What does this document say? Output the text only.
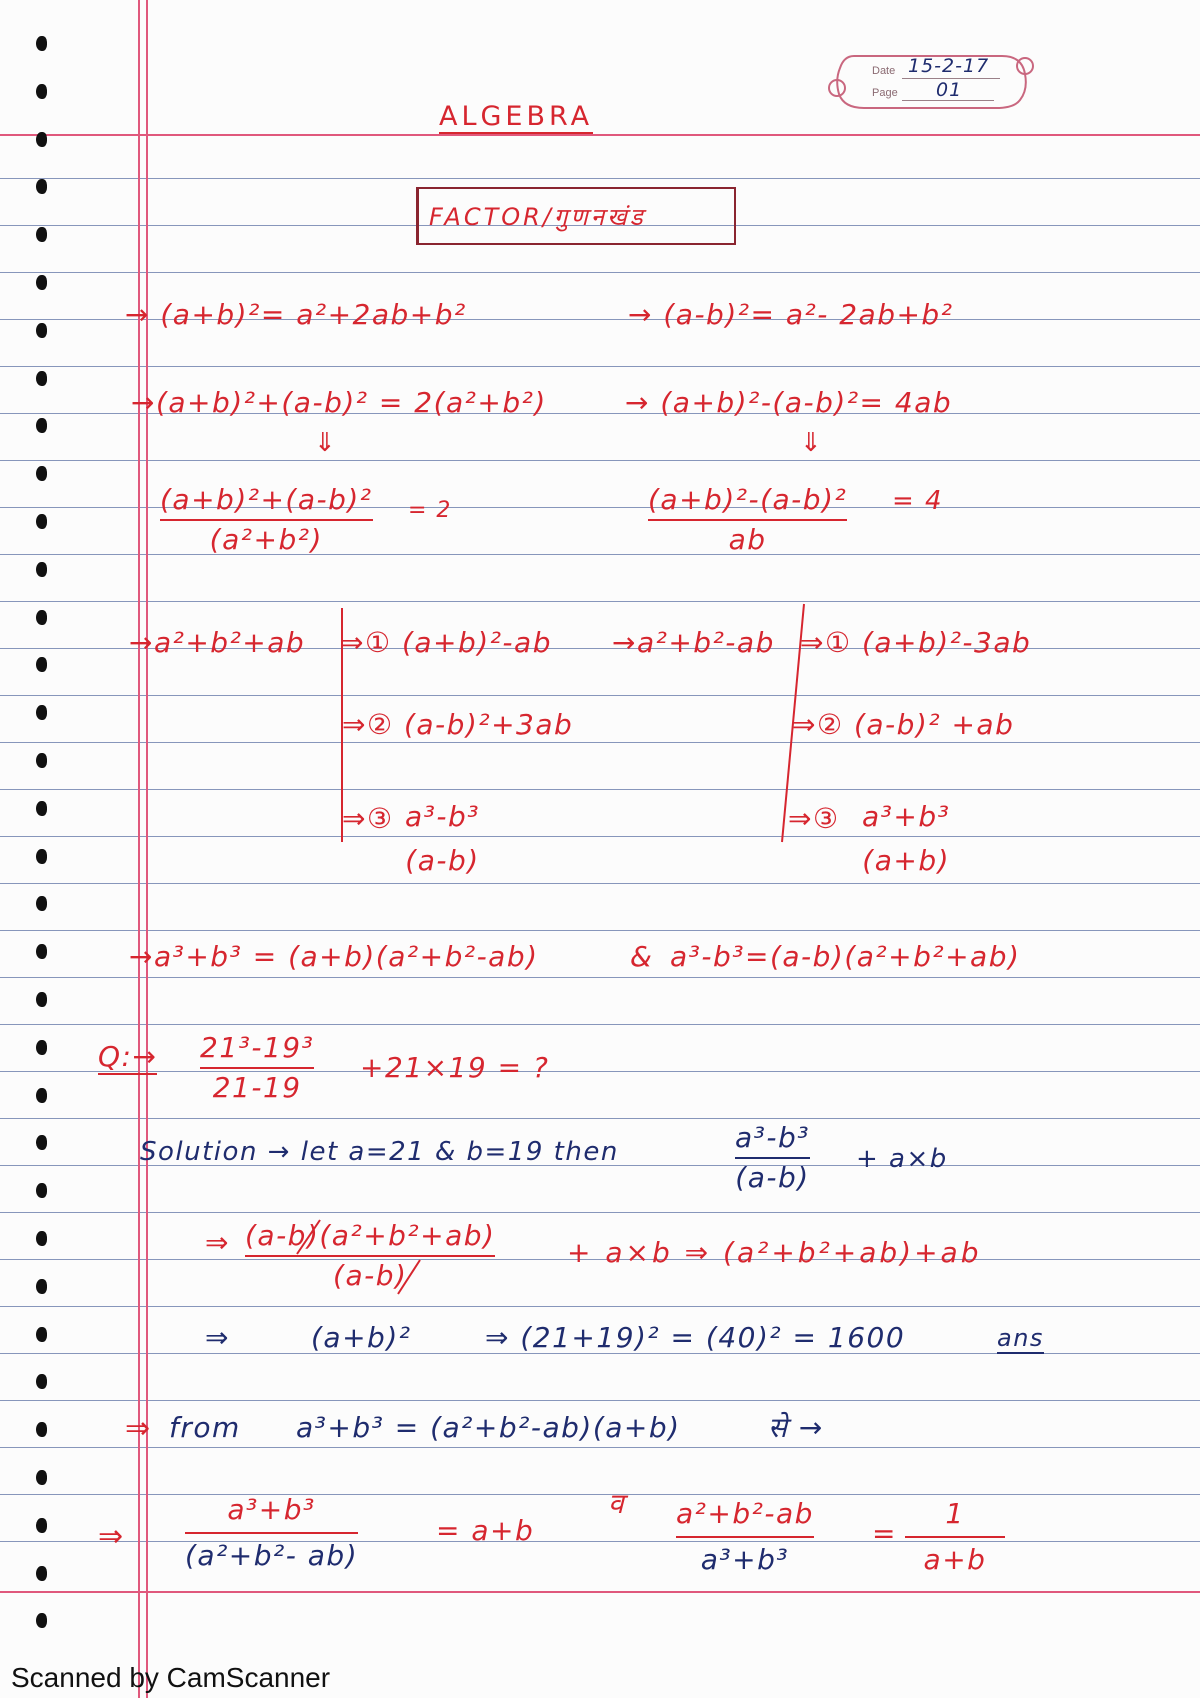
Date 15-2-17
Page 01
ALGEBRA
FACTOR/गुणनखंड
→ (a+b)²= a²+2ab+b²	→ (a-b)²= a²- 2ab+b²
→(a+b)²+(a-b)² = 2(a²+b²)	→ (a+b)²-(a-b)²= 4ab
⇓	⇓
(a+b)²+(a-b)²
(a²+b²)
= 2	(a+b)²-(a-b)²
ab
= 4
→a²+b²+ab ⇒① (a+b)²-ab →a²+b²-ab ⇒① (a+b)²-3ab
⇒② (a-b)²+3ab	⇒② (a-b)² +ab
⇒③ a³-b³
(a-b)
⇒③ a³+b³
(a+b)
→a³+b³ = (a+b)(a²+b²-ab)	& a³-b³=(a-b)(a²+b²+ab)
Q:→ 21³-19³
21-19
+21×19 = ?
Solution → let a=21 & b=19 then	a³-b³
(a-b)
+ a×b
⇒ (a-b)(a²+b²+ab)
(a-b)
+ a×b ⇒ (a²+b²+ab)+ab
⇒	(a+b)²	⇒ (21+19)² = (40)² = 1600	ans
⇒ from a³+b³ = (a²+b²-ab)(a+b)	से →
⇒
a³+b³
(a²+b²- ab)
= a+b
व a²+b²-ab
a³+b³
=
1
a+b
Scanned by CamScanner
